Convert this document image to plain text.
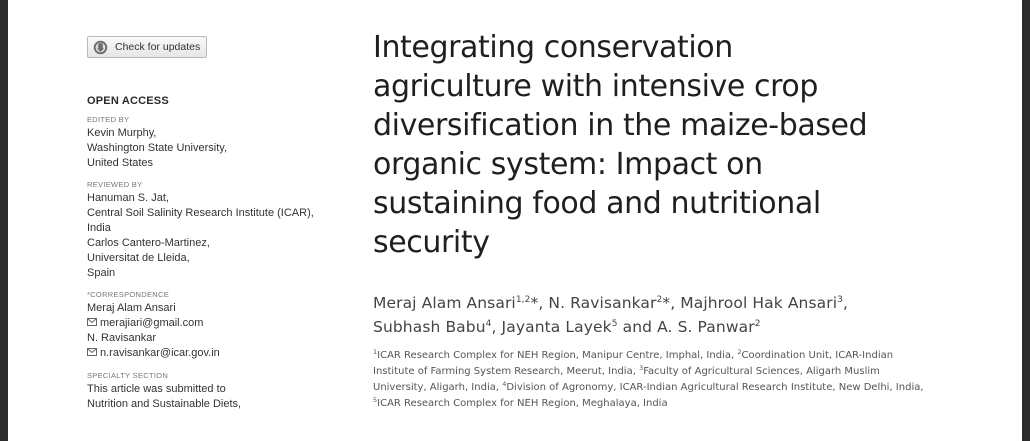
Check for updates
OPEN ACCESS
EDITED BY
Kevin Murphy,
Washington State University,
United States
REVIEWED BY
Hanuman S. Jat,
Central Soil Salinity Research Institute (ICAR),
India
Carlos Cantero-Martinez,
Universitat de Lleida,
Spain
*CORRESPONDENCE
Meraj Alam Ansari
merajiari@gmail.com
N. Ravisankar
n.ravisankar@icar.gov.in
SPECIALTY SECTION
This article was submitted to
Nutrition and Sustainable Diets,
Integrating conservation
agriculture with intensive crop
diversification in the maize-based
organic system: Impact on
sustaining food and nutritional
security
Meraj Alam Ansari$^{1,2}$*, N. Ravisankar$^2$*, Majhrool Hak Ansari$^3$,
Subhash Babu$^4$, Jayanta Layek$^5$ and A. S. Panwar$^2$
$^1$ICAR Research Complex for NEH Region, Manipur Centre, Imphal, India, $^2$Coordination Unit, ICAR-Indian Institute of Farming System Research, Meerut, India, $^3$Faculty of Agricultural Sciences, Aligarh Muslim University, Aligarh, India, $^4$Division of Agronomy, ICAR-Indian Agricultural Research Institute, New Delhi, India, $^5$ICAR Research Complex for NEH Region, Meghalaya, India
